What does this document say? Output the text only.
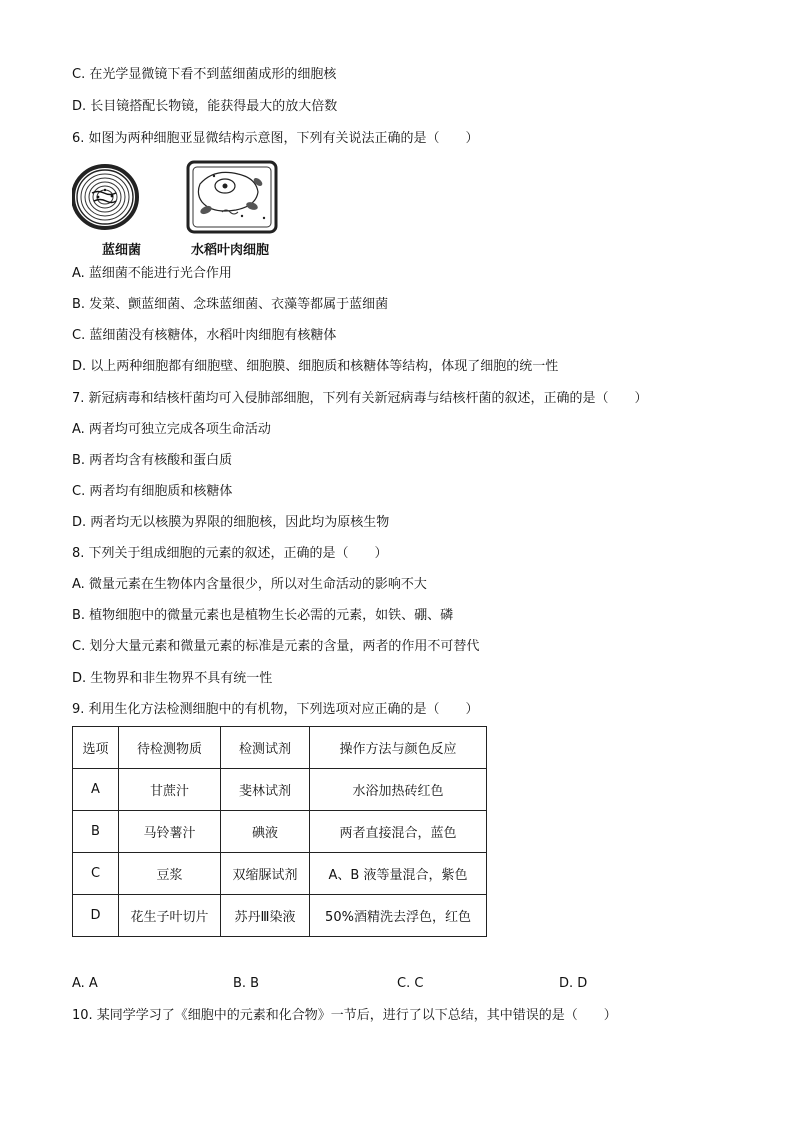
C. 在光学显微镜下看不到蓝细菌成形的细胞核
D. 长目镜搭配长物镜，能获得最大的放大倍数
6. 如图为两种细胞亚显微结构示意图，下列有关说法正确的是（　　）
蓝细菌	水稻叶肉细胞
A. 蓝细菌不能进行光合作用
B. 发菜、颤蓝细菌、念珠蓝细菌、衣藻等都属于蓝细菌
C. 蓝细菌没有核糖体，水稻叶肉细胞有核糖体
D. 以上两种细胞都有细胞壁、细胞膜、细胞质和核糖体等结构，体现了细胞的统一性
7. 新冠病毒和结核杆菌均可入侵肺部细胞，下列有关新冠病毒与结核杆菌的叙述，正确的是（　　）
A. 两者均可独立完成各项生命活动
B. 两者均含有核酸和蛋白质
C. 两者均有细胞质和核糖体
D. 两者均无以核膜为界限的细胞核，因此均为原核生物
8. 下列关于组成细胞的元素的叙述，正确的是（　　）
A. 微量元素在生物体内含量很少，所以对生命活动的影响不大
B. 植物细胞中的微量元素也是植物生长必需的元素，如铁、硼、磷
C. 划分大量元素和微量元素的标准是元素的含量，两者的作用不可替代
D. 生物界和非生物界不具有统一性
9. 利用生化方法检测细胞中的有机物，下列选项对应正确的是（　　）
选项	待检测物质	检测试剂	操作方法与颜色反应
A	甘蔗汁	斐林试剂	水浴加热砖红色
B	马铃薯汁	碘液	两者直接混合，蓝色
C	豆浆	双缩脲试剂	A、B 液等量混合，紫色
D	花生子叶切片	苏丹Ⅲ染液	50%酒精洗去浮色，红色
A. A	B. B	C. C	D. D
10. 某同学学习了《细胞中的元素和化合物》一节后，进行了以下总结，其中错误的是（　　）
